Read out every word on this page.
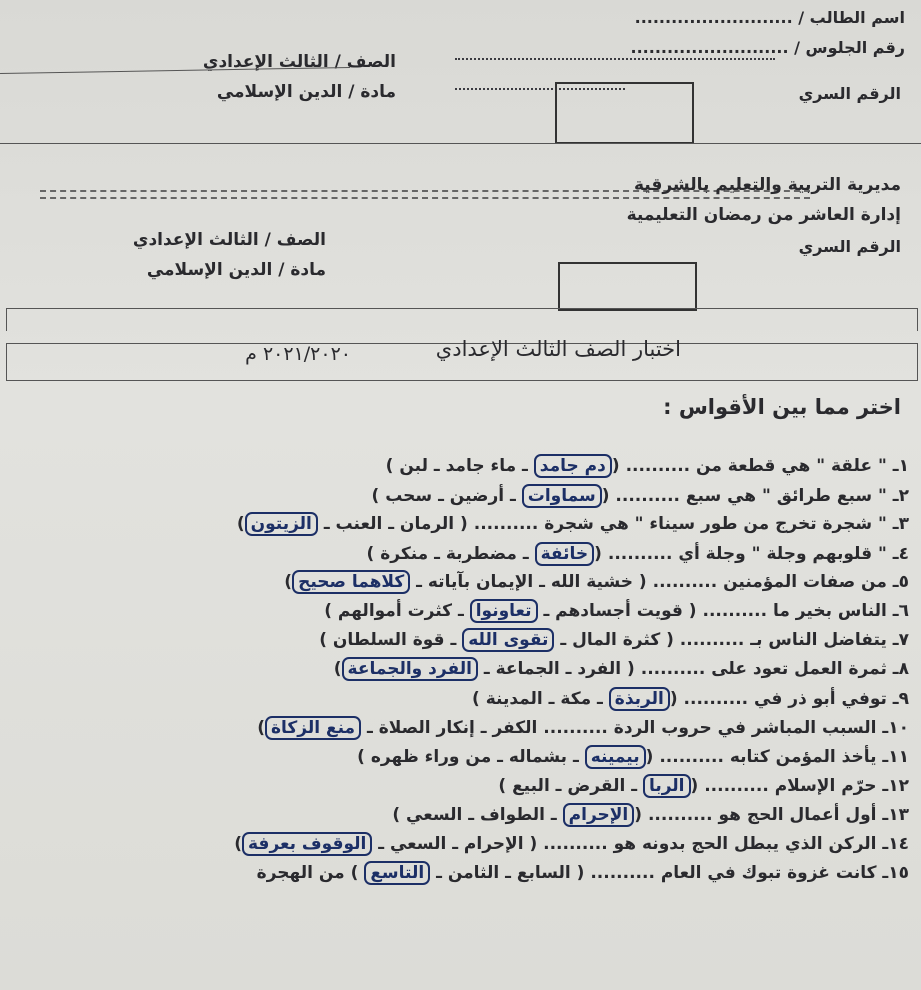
اسم الطالب / ..........................
رقم الجلوس / ..........................
الرقم السري
الصف / الثالث الإعدادي
مادة / الدين الإسلامي
مديرية التربية والتعليم بالشرقية
إدارة العاشر من رمضان التعليمية
الرقم السري
الصف / الثالث الإعدادي
مادة / الدين الإسلامي
اختبار الصف الثالث الإعدادي
٢٠٢١/٢٠٢٠ م
اختر مما بين الأقواس :
١ـ " علقة " هي قطعة من .......... (دم جامد ـ ماء جامد ـ لبن )
٢ـ " سبع طرائق " هي سبع .......... (سماوات ـ أرضين ـ سحب )
٣ـ " شجرة تخرج من طور سيناء " هي شجرة .......... ( الرمان ـ العنب ـ الزيتون)
٤ـ " قلوبهم وجلة " وجلة أي .......... (خائفة ـ مضطربة ـ منكرة )
٥ـ من صفات المؤمنين .......... ( خشية الله ـ الإيمان بآياته ـ كلاهما صحيح)
٦ـ الناس بخير ما .......... ( قويت أجسادهم ـ تعاونوا ـ كثرت أموالهم )
٧ـ يتفاضل الناس بـ .......... ( كثرة المال ـ تقوى الله ـ قوة السلطان )
٨ـ ثمرة العمل تعود على .......... ( الفرد ـ الجماعة ـ الفرد والجماعة)
٩ـ توفي أبو ذر في .......... (الربذة ـ مكة ـ المدينة )
١٠ـ السبب المباشر في حروب الردة .......... الكفر ـ إنكار الصلاة ـ منع الزكاة)
١١ـ يأخذ المؤمن كتابه .......... (بيمينه ـ بشماله ـ من وراء ظهره )
١٢ـ حرّم الإسلام .......... (الربا ـ القرض ـ البيع )
١٣ـ أول أعمال الحج هو .......... (الإحرام ـ الطواف ـ السعي )
١٤ـ الركن الذي يبطل الحج بدونه هو .......... ( الإحرام ـ السعي ـ الوقوف بعرفة)
١٥ـ كانت غزوة تبوك في العام .......... ( السابع ـ الثامن ـ التاسع ) من الهجرة
